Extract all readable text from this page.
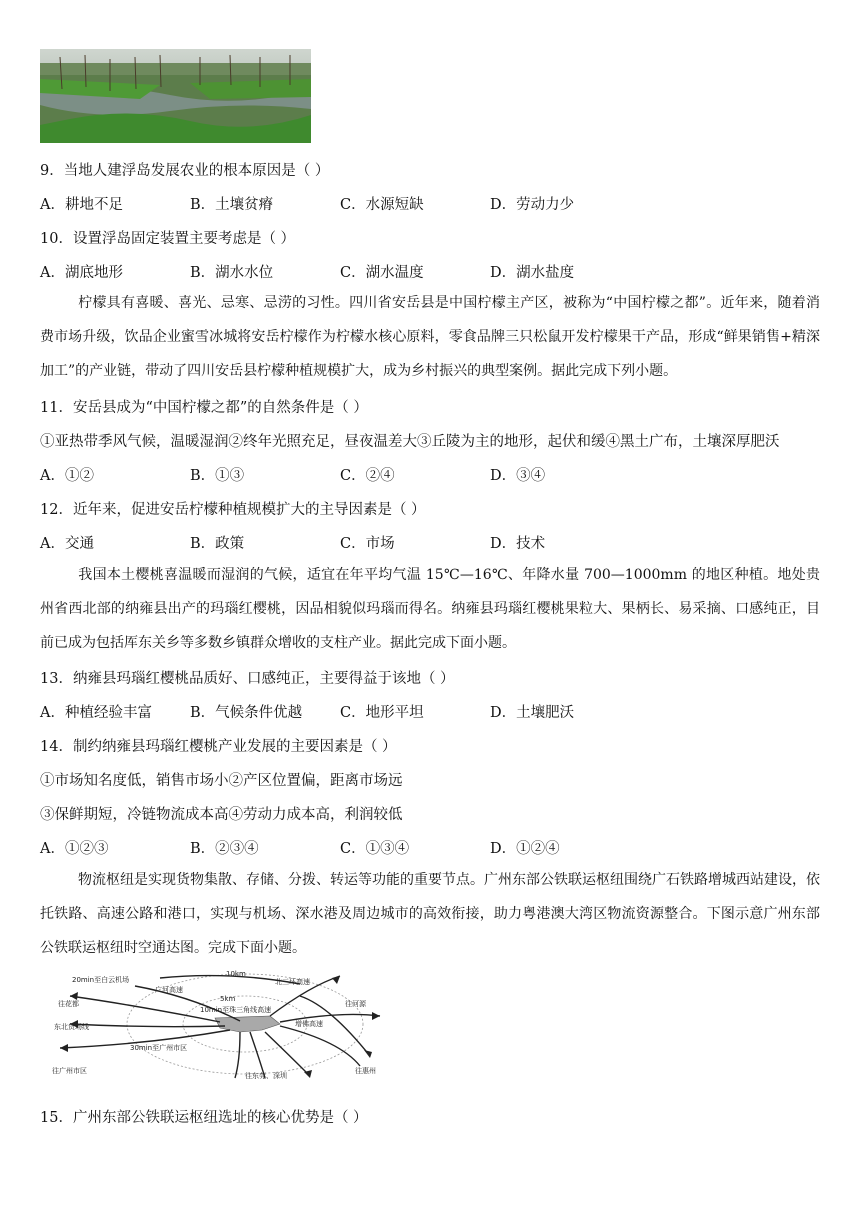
9．当地人建浮岛发展农业的根本原因是（ ）
A．耕地不足	B．土壤贫瘠	C．水源短缺	D．劳动力少
10．设置浮岛固定装置主要考虑是（ ）
A．湖底地形	B．湖水水位	C．湖水温度	D．湖水盐度
柠檬具有喜暖、喜光、忌寒、忌涝的习性。四川省安岳县是中国柠檬主产区，被称为“中国柠檬之都”。近年来，随着消费市场升级，饮品企业蜜雪冰城将安岳柠檬作为柠檬水核心原料，零食品牌三只松鼠开发柠檬果干产品，形成“鲜果销售+精深加工”的产业链，带动了四川安岳县柠檬种植规模扩大，成为乡村振兴的典型案例。据此完成下列小题。
11．安岳县成为“中国柠檬之都”的自然条件是（ ）
①亚热带季风气候，温暖湿润②终年光照充足，昼夜温差大③丘陵为主的地形，起伏和缓④黑土广布，土壤深厚肥沃
A．①②	B．①③	C．②④	D．③④
12．近年来，促进安岳柠檬种植规模扩大的主导因素是（ ）
A．交通	B．政策	C．市场	D．技术
我国本土樱桃喜温暖而湿润的气候，适宜在年平均气温 15℃—16℃、年降水量 700—1000mm 的地区种植。地处贵州省西北部的纳雍县出产的玛瑙红樱桃，因品相貌似玛瑙而得名。纳雍县玛瑙红樱桃果粒大、果柄长、易采摘、口感纯正，目前已成为包括厍东关乡等多数乡镇群众增收的支柱产业。据此完成下面小题。
13．纳雍县玛瑙红樱桃品质好、口感纯正，主要得益于该地（ ）
A．种植经验丰富	B．气候条件优越	C．地形平坦	D．土壤肥沃
14．制约纳雍县玛瑙红樱桃产业发展的主要因素是（ ）
①市场知名度低，销售市场小②产区位置偏，距离市场远
③保鲜期短，冷链物流成本高④劳动力成本高，利润较低
A．①②③	B．②③④	C．①③④	D．①②④
物流枢纽是实现货物集散、存储、分拨、转运等功能的重要节点。广州东部公铁联运枢纽围绕广石铁路增城西站建设，依托铁路、高速公路和港口，实现与机场、深水港及周边城市的高效衔接，助力粤港澳大湾区物流资源整合。下图示意广州东部公铁联运枢纽时空通达图。完成下面小题。
20min至白云机场
往花都
东北货场线
往广州市区
10km
5km
10min至珠三角线高速
30min至广州市区
往河源
往惠州
往东莞、深圳
增佛高速
北三环高速
广河高速
15．广州东部公铁联运枢纽选址的核心优势是（ ）
